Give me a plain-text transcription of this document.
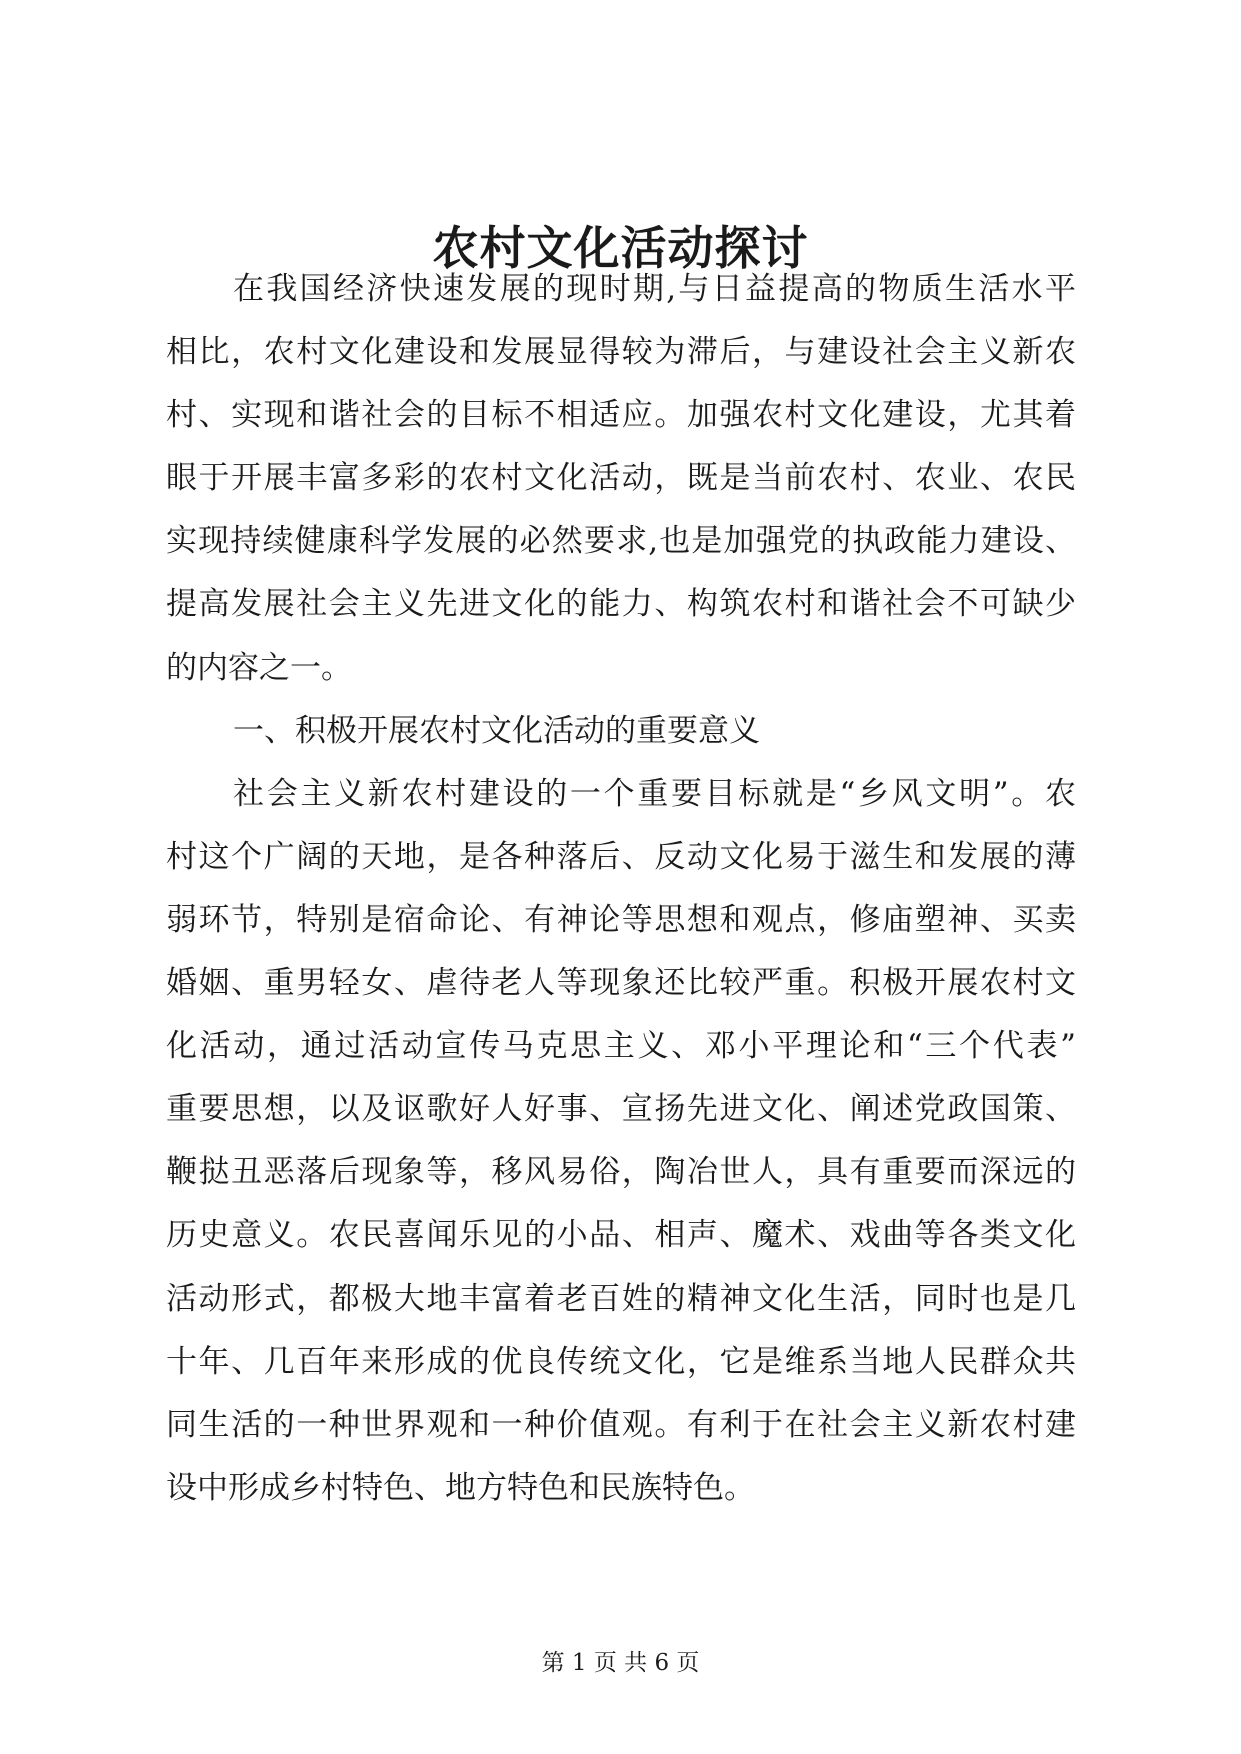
农村文化活动探讨
在我国经济快速发展的现时期,与日益提高的物质生活水平
相比，农村文化建设和发展显得较为滞后，与建设社会主义新农
村、实现和谐社会的目标不相适应。加强农村文化建设，尤其着
眼于开展丰富多彩的农村文化活动，既是当前农村、农业、农民
实现持续健康科学发展的必然要求,也是加强党的执政能力建设、
提高发展社会主义先进文化的能力、构筑农村和谐社会不可缺少
的内容之一。
一、积极开展农村文化活动的重要意义
社会主义新农村建设的一个重要目标就是“乡风文明”。农
村这个广阔的天地，是各种落后、反动文化易于滋生和发展的薄
弱环节，特别是宿命论、有神论等思想和观点，修庙塑神、买卖
婚姻、重男轻女、虐待老人等现象还比较严重。积极开展农村文
化活动，通过活动宣传马克思主义、邓小平理论和“三个代表”
重要思想，以及讴歌好人好事、宣扬先进文化、阐述党政国策、
鞭挞丑恶落后现象等，移风易俗，陶冶世人，具有重要而深远的
历史意义。农民喜闻乐见的小品、相声、魔术、戏曲等各类文化
活动形式，都极大地丰富着老百姓的精神文化生活，同时也是几
十年、几百年来形成的优良传统文化，它是维系当地人民群众共
同生活的一种世界观和一种价值观。有利于在社会主义新农村建
设中形成乡村特色、地方特色和民族特色。
第 1 页 共 6 页
